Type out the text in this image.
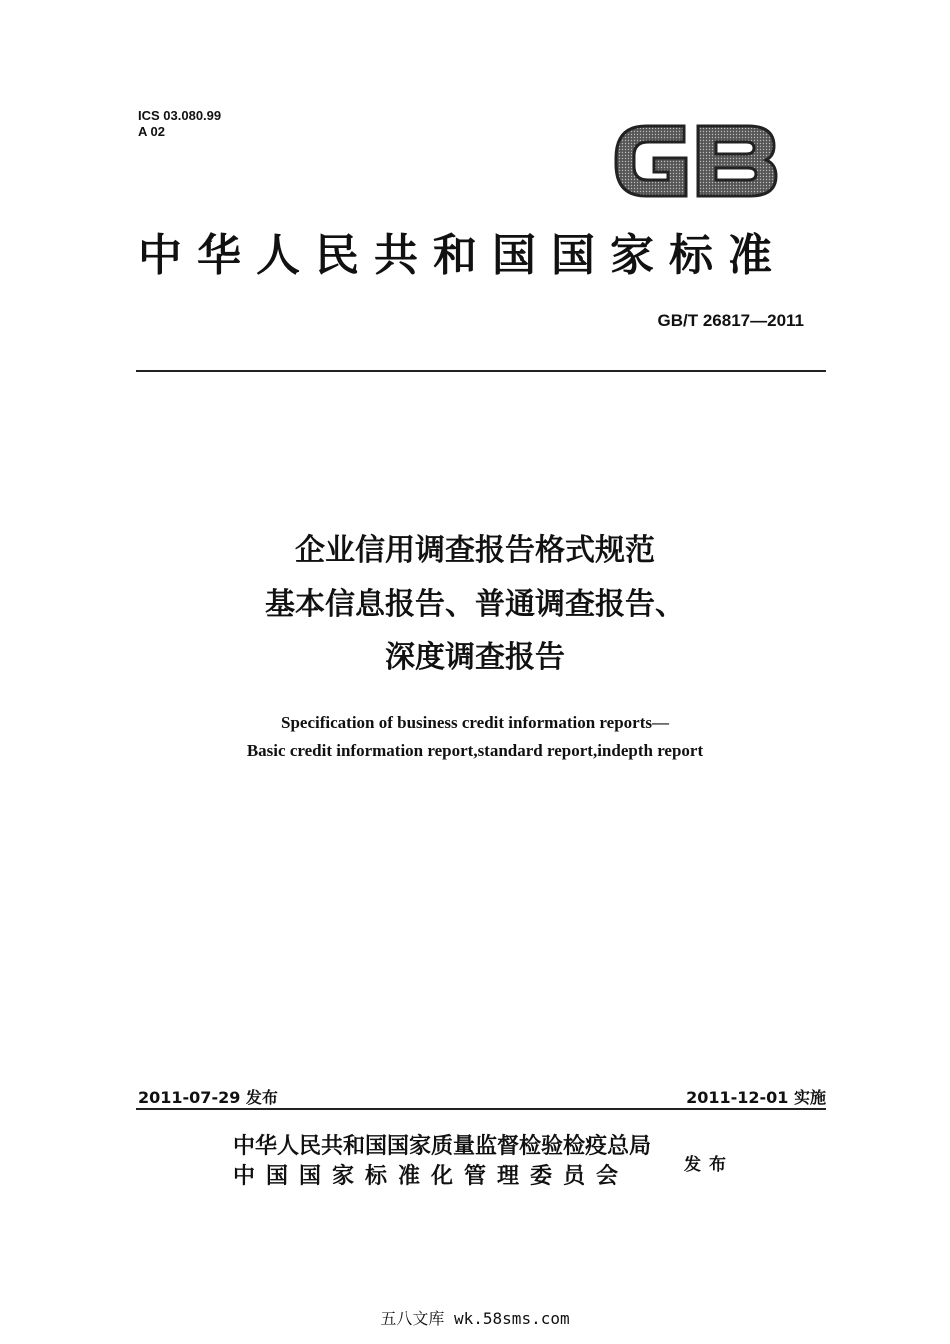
ICS 03.080.99
A 02
中华人民共和国国家标准
GB/T 26817—2011
企业信用调查报告格式规范
基本信息报告、普通调查报告、
深度调查报告
Specification of business credit information reports—
Basic credit information report,standard report,indepth report
2011-07-29 发布	2011-12-01 实施
中华人民共和国国家质量监督检验检疫总局
中国国家标准化管理委员会	发布
五八文库 wk.58sms.com
